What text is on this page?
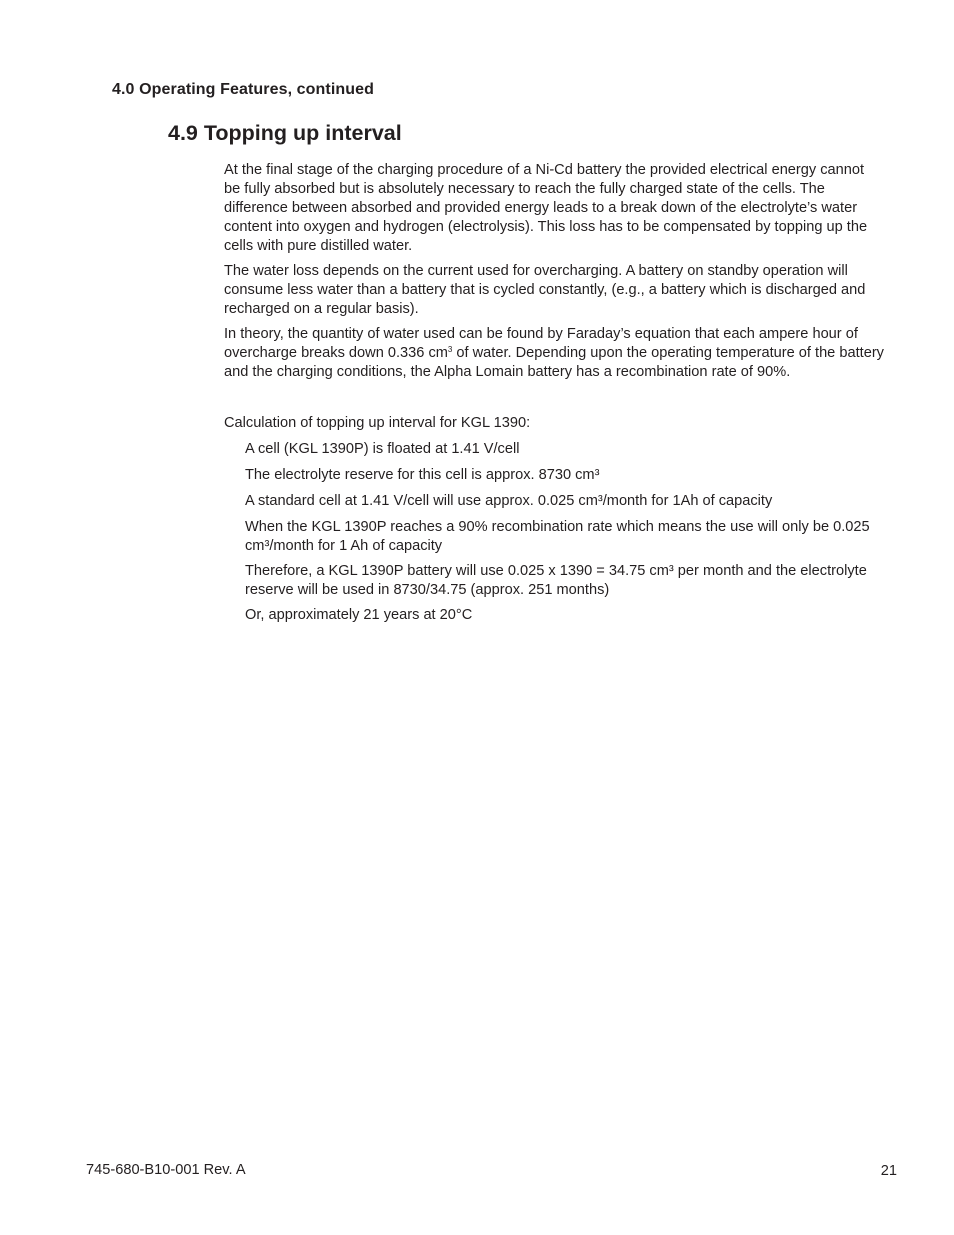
4.0 Operating Features, continued
4.9 Topping up interval

At the final stage of the charging procedure of a Ni-Cd battery the provided electrical energy cannot be fully absorbed but is absolutely necessary to reach the fully charged state of the cells. The difference between absorbed and provided energy leads to a break down of the electrolyte’s water content into oxygen and hydrogen (electrolysis). This loss has to be compensated by topping up the cells with pure distilled water.

The water loss depends on the current used for overcharging. A battery on standby operation will consume less water than a battery that is cycled constantly, (e.g., a battery which is discharged and recharged on a regular basis).

In theory, the quantity of water used can be found by Faraday’s equation that each ampere hour of overcharge breaks down 0.336 $cm^3$ of water. Depending upon the operating temperature of the battery and the charging conditions, the Alpha Lomain battery has a recombination rate of 90%.

Calculation of topping up interval for KGL 1390:

A cell (KGL 1390P) is floated at 1.41 V/cell
The electrolyte reserve for this cell is approx. 8730 cm³
A standard cell at 1.41 V/cell will use approx. 0.025 cm³/month for 1Ah of capacity
When the KGL 1390P reaches a 90% recombination rate which means the use will only be 0.025 cm³/month for 1 Ah of capacity
Therefore, a KGL 1390P battery will use 0.025 x 1390 = 34.75 cm³ per month and the electrolyte reserve will be used in 8730/34.75 (approx. 251 months)
Or, approximately 21 years at 20°C
745-680-B10-001 Rev. A	21
